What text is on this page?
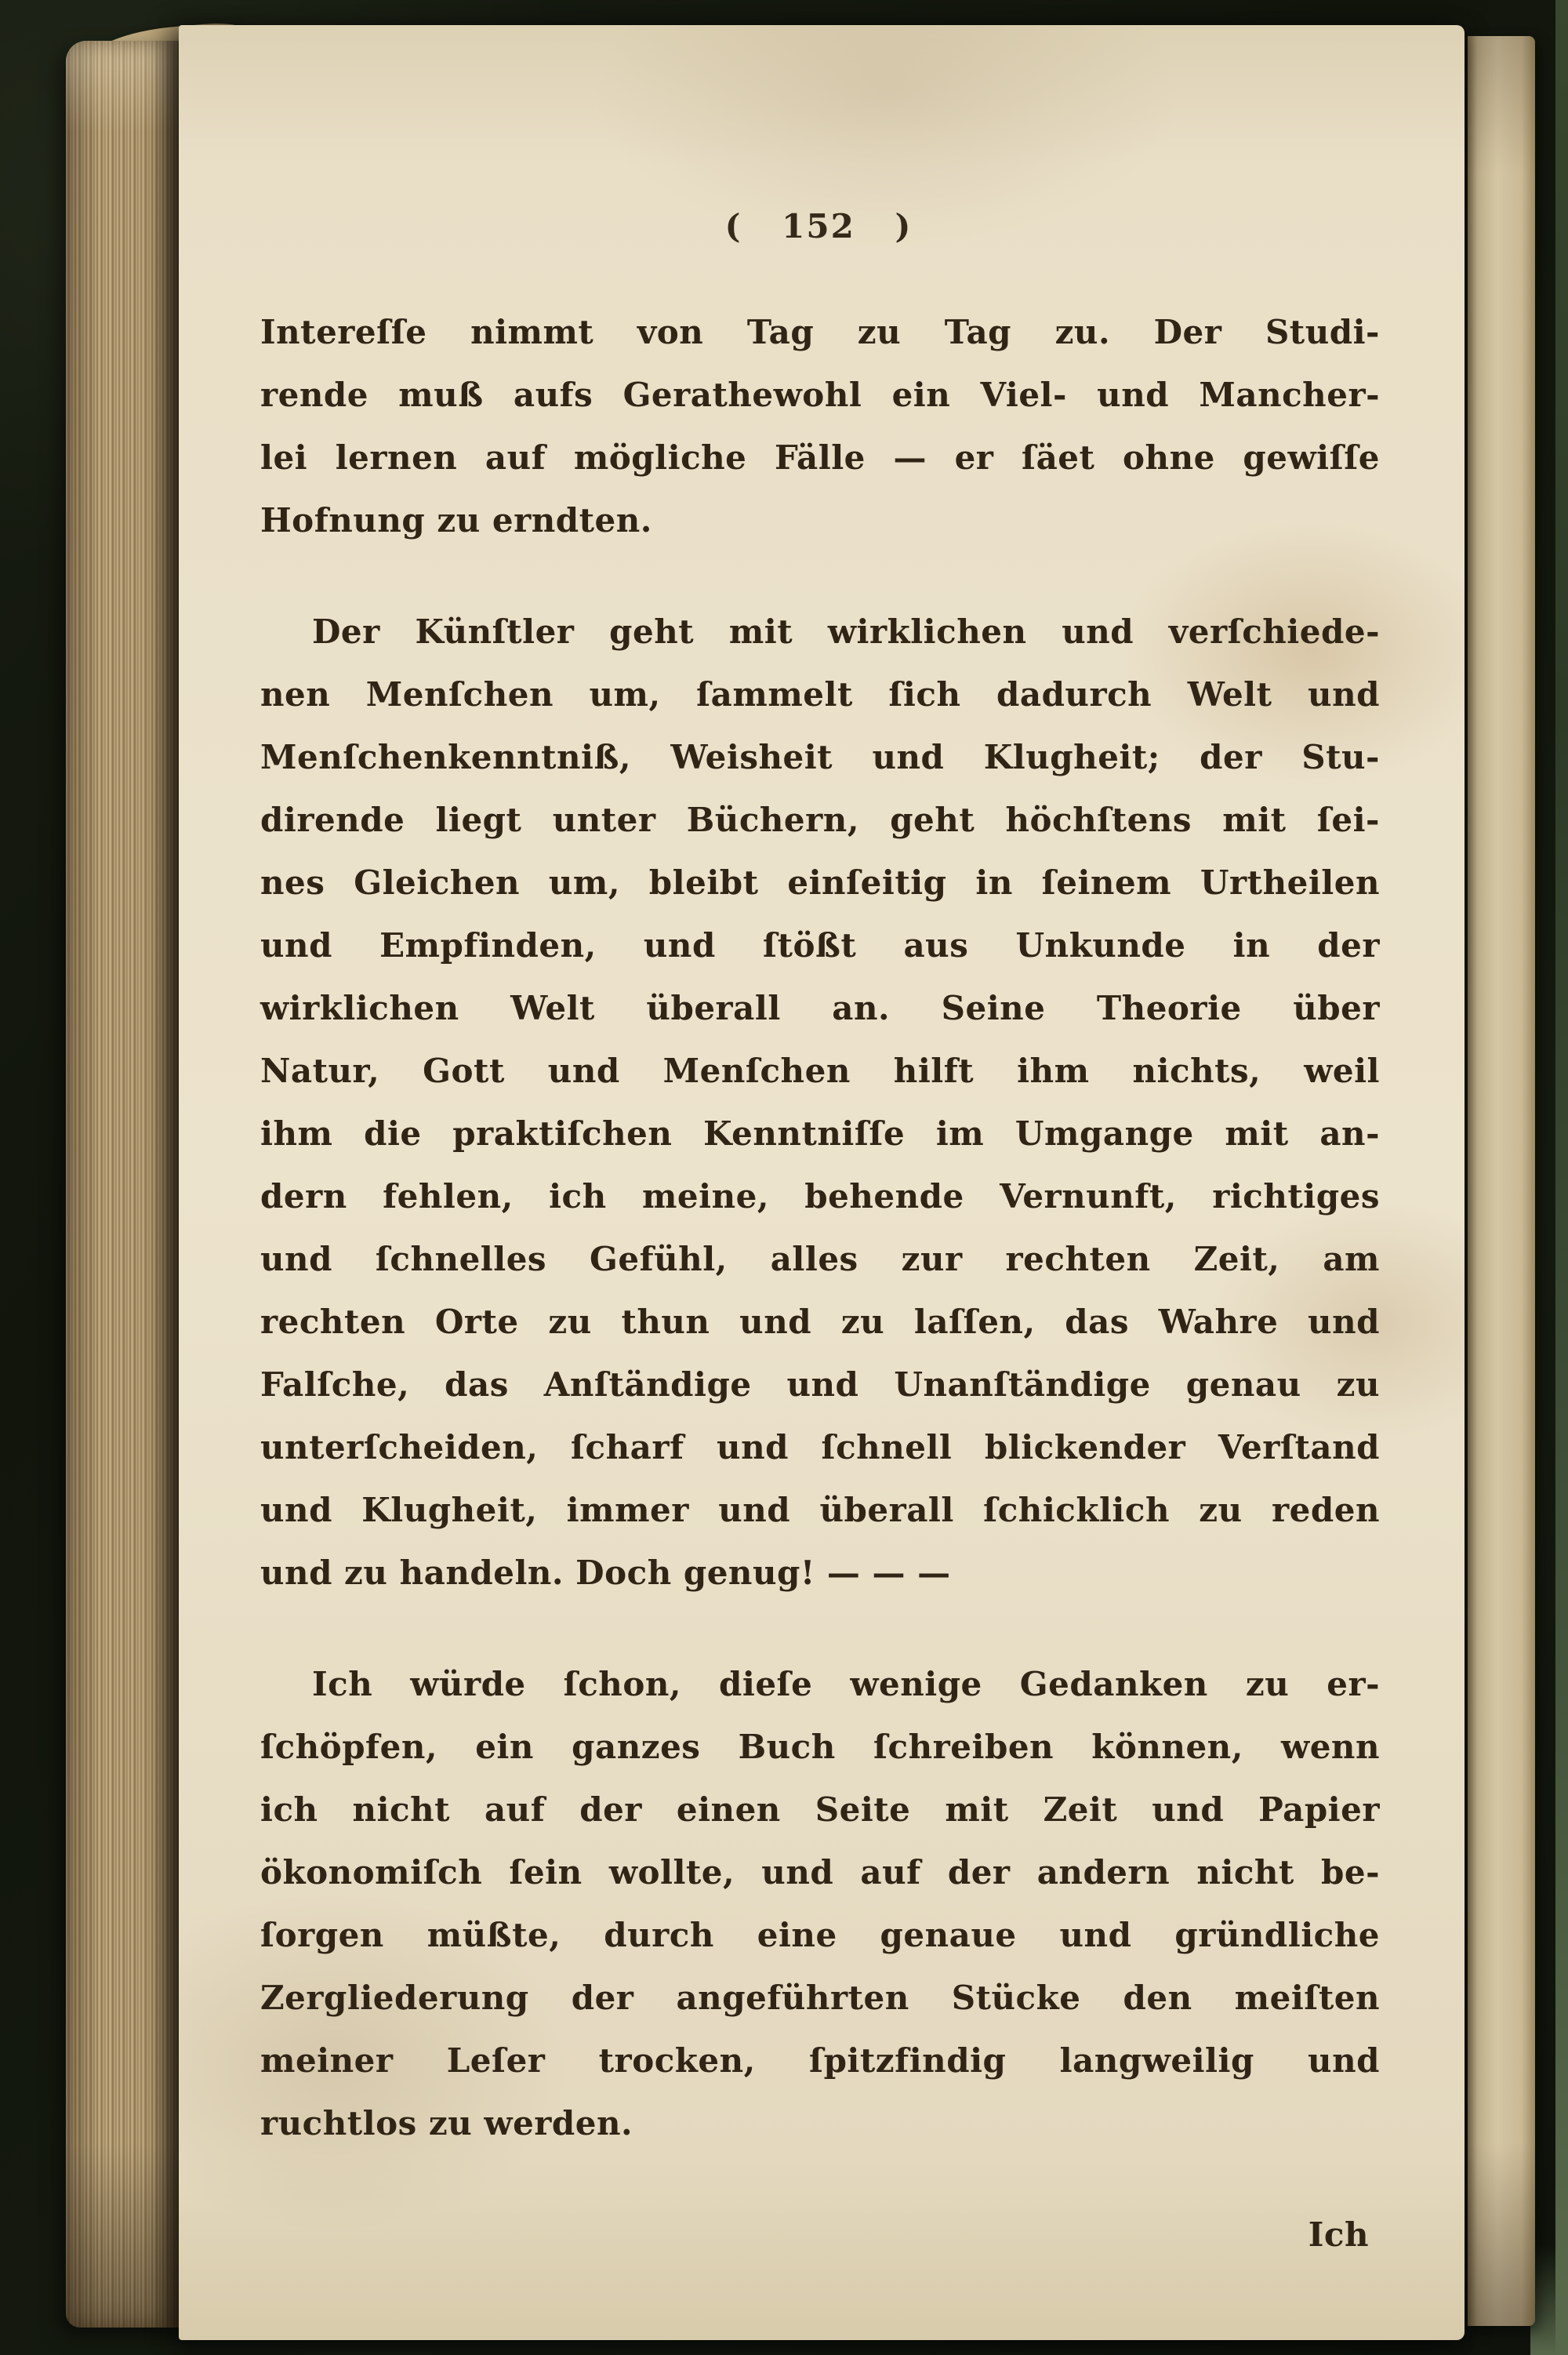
( 152 )
Intereſſe nimmt von Tag zu Tag zu. Der Studi-
rende muß aufs Gerathewohl ein Viel- und Mancher-
lei lernen auf mögliche Fälle — er ſäet ohne gewiſſe
Hofnung zu erndten.
Der Künſtler geht mit wirklichen und verſchiede-
nen Menſchen um, ſammelt ſich dadurch Welt und
Menſchenkenntniß, Weisheit und Klugheit; der Stu-
dirende liegt unter Büchern, geht höchſtens mit ſei-
nes Gleichen um, bleibt einſeitig in ſeinem Urtheilen
und Empfinden, und ſtößt aus Unkunde in der
wirklichen Welt überall an. Seine Theorie über
Natur, Gott und Menſchen hilft ihm nichts, weil
ihm die praktiſchen Kenntniſſe im Umgange mit an-
dern fehlen, ich meine, behende Vernunft, richtiges
und ſchnelles Gefühl, alles zur rechten Zeit, am
rechten Orte zu thun und zu laſſen, das Wahre und
Falſche, das Anſtändige und Unanſtändige genau zu
unterſcheiden, ſcharf und ſchnell blickender Verſtand
und Klugheit, immer und überall ſchicklich zu reden
und zu handeln. Doch genug! — — —
Ich würde ſchon, dieſe wenige Gedanken zu er-
ſchöpfen, ein ganzes Buch ſchreiben können, wenn
ich nicht auf der einen Seite mit Zeit und Papier
ökonomiſch ſein wollte, und auf der andern nicht be-
ſorgen müßte, durch eine genaue und gründliche
Zergliederung der angeführten Stücke den meiſten
meiner Leſer trocken, ſpitzfindig langweilig und
ruchtlos zu werden.
Ich
